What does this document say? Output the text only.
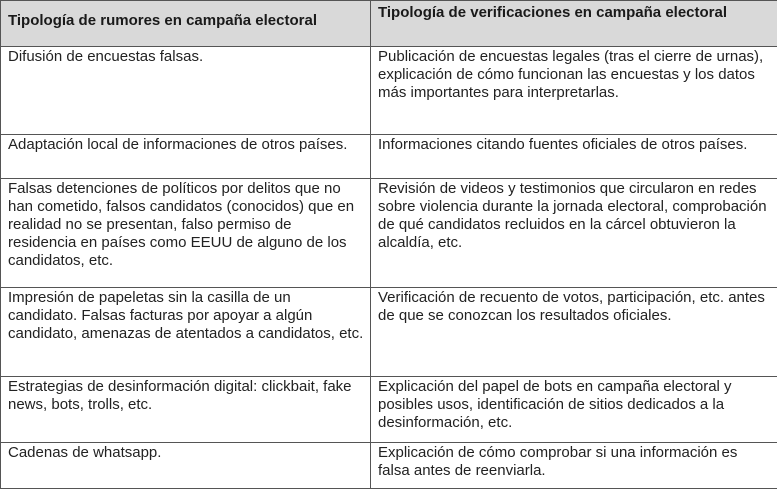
Tipología de rumores en campaña electoral	Tipología de verificaciones en campaña electoral
Difusión de encuestas falsas.	Publicación de encuestas legales (tras el cierre de urnas), explicación de cómo funcionan las encuestas y los datos más importantes para interpretarlas.
Adaptación local de informaciones de otros países.	Informaciones citando fuentes oficiales de otros países.
Falsas detenciones de políticos por delitos que no han cometido, falsos candidatos (conocidos) que en realidad no se presentan, falso permiso de residencia en países como EEUU de alguno de los candidatos, etc.	Revisión de videos y testimonios que circularon en redes sobre violencia durante la jornada electoral, comprobación de qué candidatos recluidos en la cárcel obtuvieron la alcaldía, etc.
Impresión de papeletas sin la casilla de un candidato. Falsas facturas por apoyar a algún candidato, amenazas de atentados a candidatos, etc.	Verificación de recuento de votos, participación, etc. antes de que se conozcan los resultados oficiales.
Estrategias de desinformación digital: clickbait, fake news, bots, trolls, etc.	Explicación del papel de bots en campaña electoral y posibles usos, identificación de sitios dedicados a la desinformación, etc.
Cadenas de whatsapp.	Explicación de cómo comprobar si una información es falsa antes de reenviarla.
